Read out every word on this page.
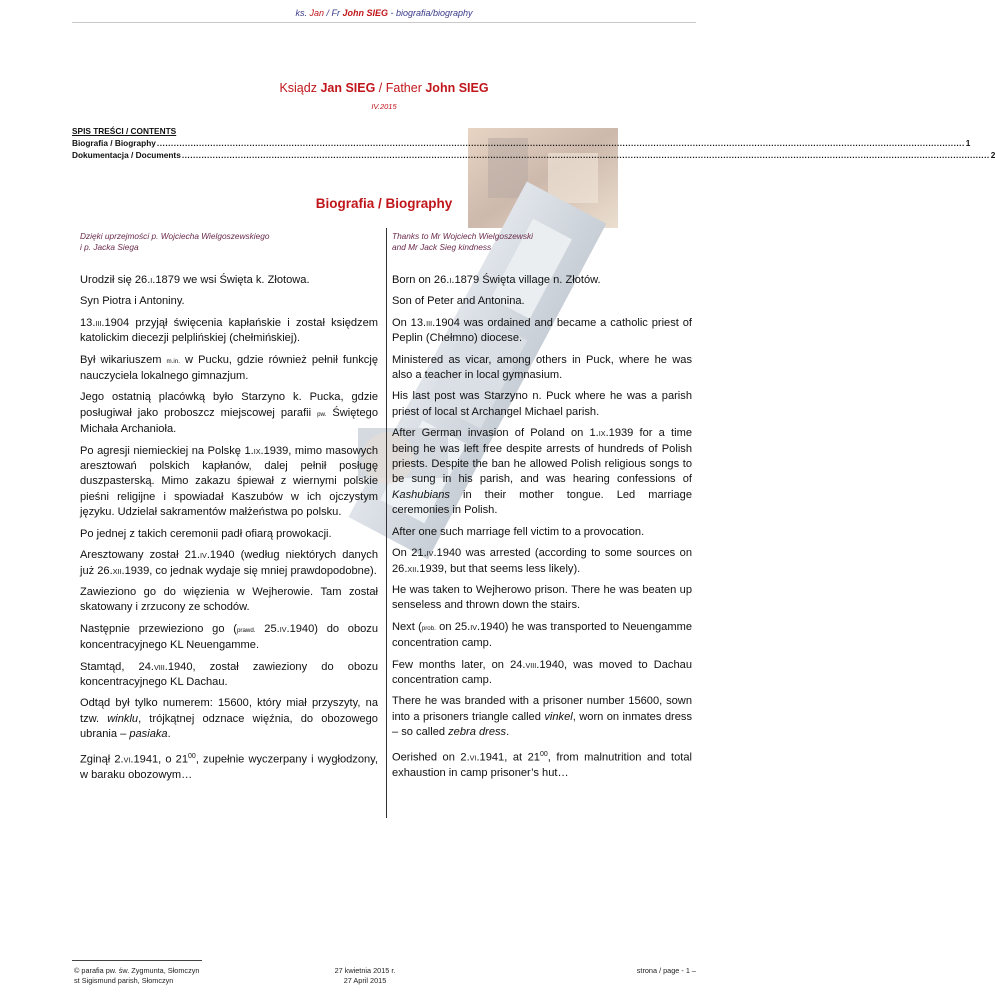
ks. Jan / Fr John SIEG - biografia/biography
Ksiądz Jan SIEG / Father John SIEG
IV.2015
SPIS TREŚCI / CONTENTS
Biografia / Biography ................................................................................................................................................................................................................................................................................................ 1
Dokumentacja / Documents ................................................................................................................................................................................................................................................................................................ 2
Biografia / Biography
Dzięki uprzejmości p. Wojciecha Wielgoszewskiego
i p. Jacka Siega

Urodził się 26.I.1879 we wsi Święta k. Złotowa.

Syn Piotra i Antoniny.

13.III.1904 przyjął święcenia kapłańskie i został księdzem katolickim diecezji pelplińskiej (chełmińskiej).

Był wikariuszem m.in. w Pucku, gdzie również pełnił funkcję nauczyciela lokalnego gimnazjum.

Jego ostatnią placówką było Starzyno k. Pucka, gdzie posługiwał jako proboszcz miejscowej parafii pw. Świętego Michała Archanioła.

Po agresji niemieckiej na Polskę 1.IX.1939, mimo masowych aresztowań polskich kapłanów, dalej pełnił posługę duszpasterską. Mimo zakazu śpiewał z wiernymi polskie pieśni religijne i spowiadał Kaszubów w ich ojczystym języku. Udzielał sakramentów małżeństwa po polsku.

Po jednej z takich ceremonii padł ofiarą prowokacji.

Aresztowany został 21.IV.1940 (według niektórych danych już 26.XII.1939, co jednak wydaje się mniej prawdopodobne).

Zawieziono go do więzienia w Wejherowie. Tam został skatowany i zrzucony ze schodów.

Następnie przewieziono go (prawd. 25.IV.1940) do obozu koncentracyjnego KL Neuengamme.

Stamtąd, 24.VIII.1940, został zawieziony do obozu koncentracyjnego KL Dachau.

Odtąd był tylko numerem: 15600, który miał przyszyty, na tzw. winklu, trójkątnej odznace więźnia, do obozowego ubrania – pasiaka.

Zginął 2.VI.1941, o $21^{00}$, zupełnie wyczerpany i wygłodzony, w baraku obozowym…

Thanks to Mr Wojciech Wielgoszewski
and Mr Jack Sieg kindness

Born on 26.I.1879 Święta village n. Złotów.

Son of Peter and Antonina.

On 13.III.1904 was ordained and became a catholic priest of Peplin (Chełmno) diocese.

Ministered as vicar, among others in Puck, where he was also a teacher in local gymnasium.

His last post was Starzyno n. Puck where he was a parish priest of local st Archangel Michael parish.

After German invasion of Poland on 1.IX.1939 for a time being he was left free despite arrests of hundreds of Polish priests. Despite the ban he allowed Polish religious songs to be sung in his parish, and was hearing confessions of Kashubians in their mother tongue. Led marriage ceremonies in Polish.

After one such marriage fell victim to a provocation.

On 21.IV.1940 was arrested (according to some sources on 26.XII.1939, but that seems less likely).

He was taken to Wejherowo prison. There he was beaten up senseless and thrown down the stairs.

Next (prob. on 25.IV.1940) he was transported to Neuengamme concentration camp.

Few months later, on 24.VIII.1940, was moved to Dachau concentration camp.

There he was branded with a prisoner number 15600, sown into a prisoners triangle called vinkel, worn on inmates dress – so called zebra dress.

Oerished on 2.VI.1941, at $21^{00}$, from malnutrition and total exhaustion in camp prisoner’s hut…

© parafia pw. św. Zygmunta, Słomczyn
st Sigismund parish, Słomczyn
27 kwietnia 2015 r.
27 April 2015
strona / page - 1 –
